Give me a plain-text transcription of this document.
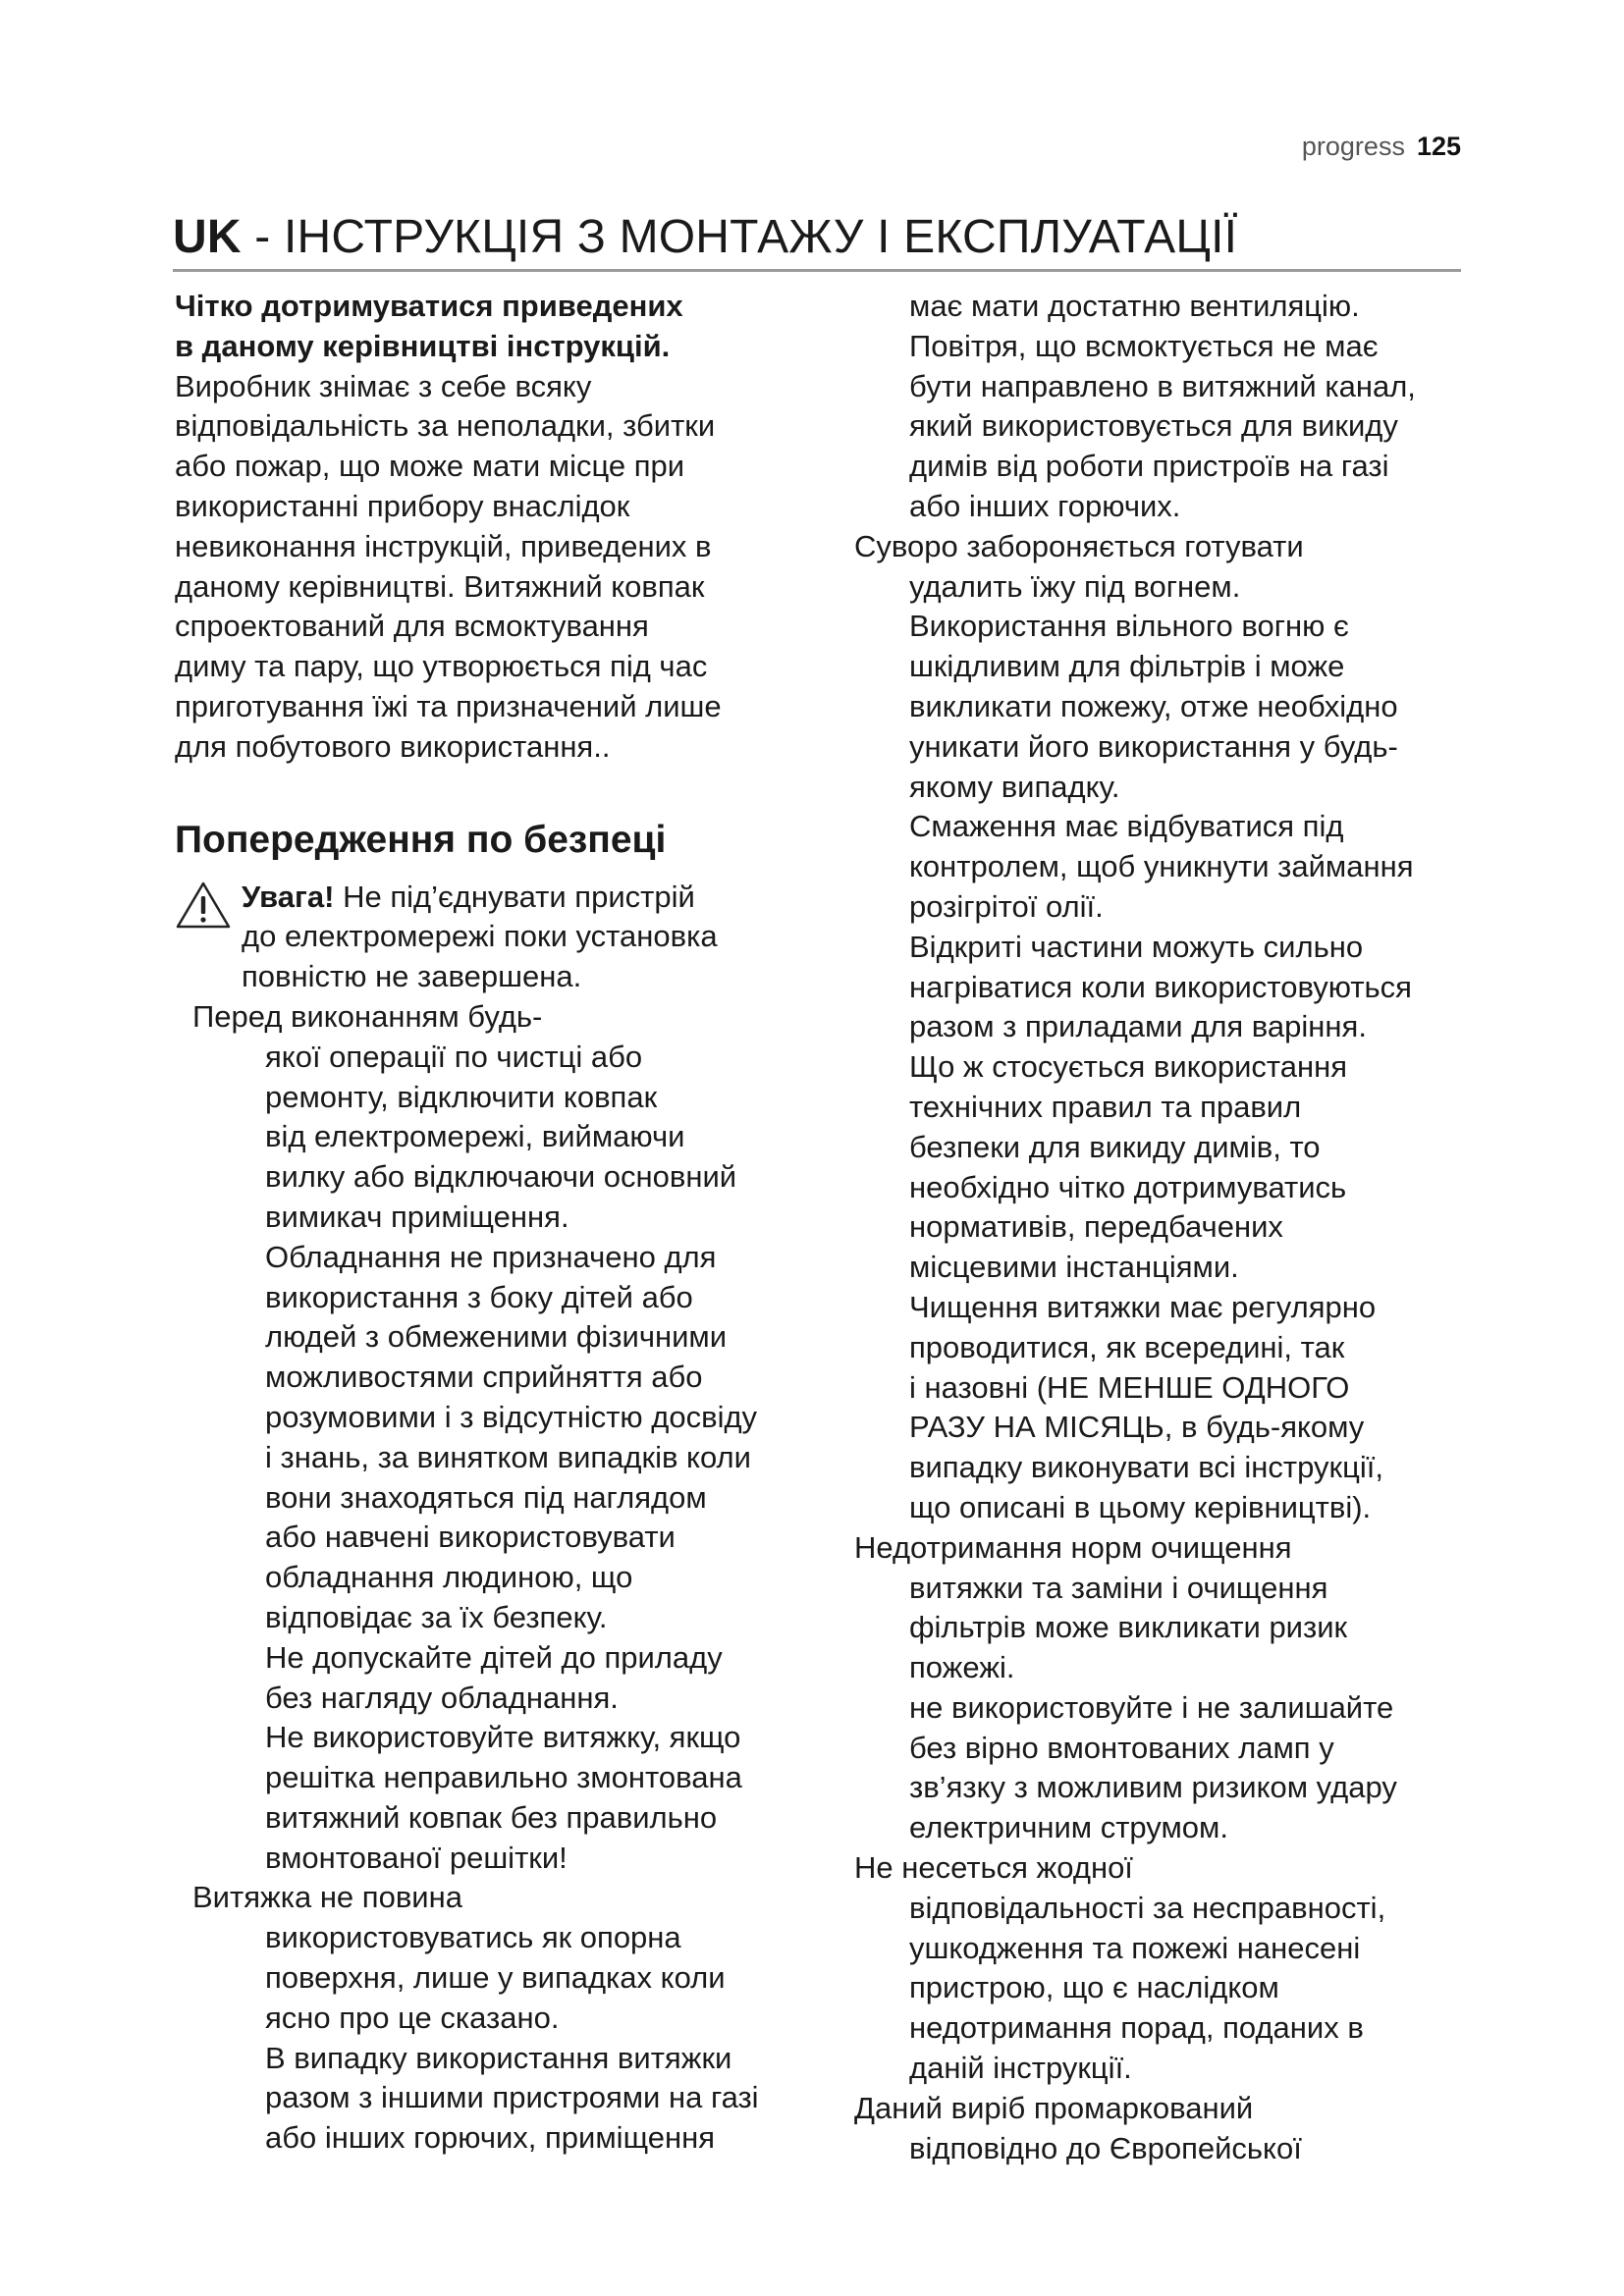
progress 125
UK - ІНСТРУКЦІЯ З МОНТАЖУ І ЕКСПЛУАТАЦІЇ
Чітко дотримуватися приведених
в даному керівництві інструкцій.
Виробник знімає з себе всяку
відповідальність за неполадки, збитки
або пожар, що може мати місце при
використанні прибору внаслідок
невиконання інструкцій, приведених в
даному керівництві. Витяжний ковпак
спроектований для всмоктування
диму та пару, що утворюється під час
приготування їжі та призначений лише
для побутового використання..
Попередження по безпеці
Увага! Не під’єднувати пристрій
до електромережі поки установка
повністю не завершена.
Перед виконанням будь-
якої операції по чистці або
ремонту, відключити ковпак
від електромережі, виймаючи
вилку або відключаючи основний
вимикач приміщення.
Обладнання не призначено для
використання з боку дітей або
людей з обмеженими фізичними
можливостями сприйняття або
розумовими і з відсутністю досвіду
і знань, за винятком випадків коли
вони знаходяться під наглядом
або навчені використовувати
обладнання людиною, що
відповідає за їх безпеку.
Не допускайте дітей до приладу
без нагляду обладнання.
Не використовуйте витяжку, якщо
решітка неправильно змонтована
витяжний ковпак без правильно
вмонтованої решітки!
Витяжка не повина
використовуватись як опорна
поверхня, лише у випадках коли
ясно про це сказано.
В випадку використання витяжки
разом з іншими пристроями на газі
або інших горючих, приміщення
має мати достатню вентиляцію.
Повітря, що всмоктується не має
бути направлено в витяжний канал,
який використовується для викиду
димів від роботи пристроїв на газі
або інших горючих.
Суворо забороняється готувати
удалить їжу під вогнем.
Використання вільного вогню є
шкідливим для фільтрів і може
викликати пожежу, отже необхідно
уникати його використання у будь-
якому випадку.
Смаження має відбуватися під
контролем, щоб уникнути займання
розігрітої олії.
Відкриті частини можуть сильно
нагріватися коли використовуються
разом з приладами для варіння.
Що ж стосується використання
технічних правил та правил
безпеки для викиду димів, то
необхідно чітко дотримуватись
нормативів, передбачених
місцевими інстанціями.
Чищення витяжки має регулярно
проводитися, як всередині, так
і назовні (НЕ МЕНШЕ ОДНОГО
РАЗУ НА МІСЯЦЬ, в будь-якому
випадку виконувати всі інструкції,
що описані в цьому керівництві).
Недотримання норм очищення
витяжки та заміни і очищення
фільтрів може викликати ризик
пожежі.
не використовуйте і не залишайте
без вірно вмонтованих ламп у
зв’язку з можливим ризиком удару
електричним струмом.
Не несеться жодної
відповідальності за несправності,
ушкодження та пожежі нанесені
пристрою, що є наслідком
недотримання порад, поданих в
даній інструкції.
Даний виріб промаркований
відповідно до Європейської
